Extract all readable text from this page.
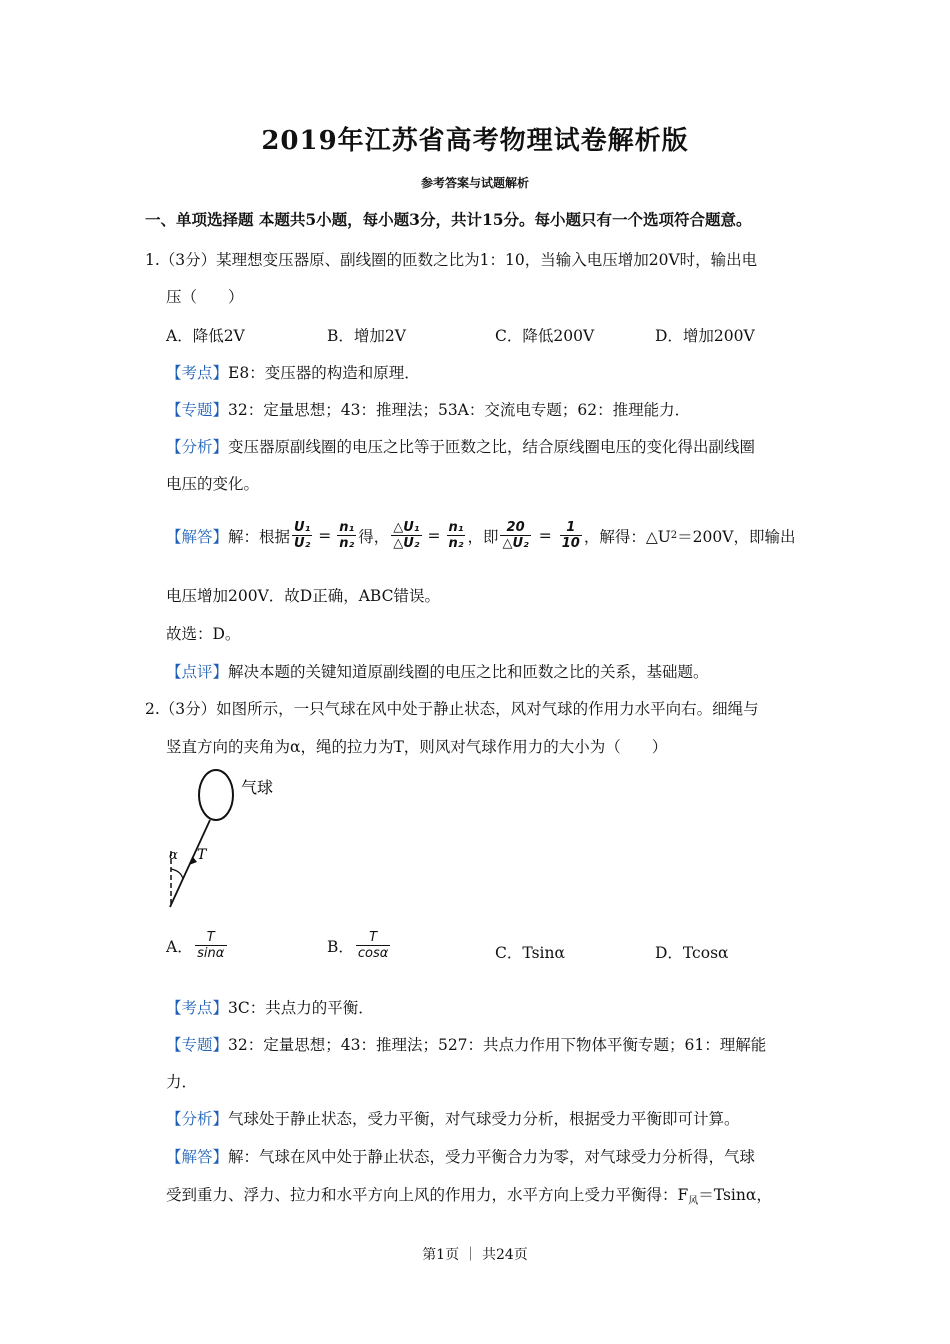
2019年江苏省高考物理试卷解析版
参考答案与试题解析
一、单项选择题 本题共5小题，每小题3分，共计15分。每小题只有一个选项符合题意。
1.（3分）某理想变压器原、副线圈的匝数之比为1：10，当输入电压增加20V时，输出电
压（　　）
A．降低2V	B．增加2V	C．降低200V	D．增加200V
【考点】E8：变压器的构造和原理．
【专题】32：定量思想；43：推理法；53A：交流电专题；62：推理能力．
【分析】变压器原副线圈的电压之比等于匝数之比，结合原线圈电压的变化得出副线圈
电压的变化。
【解答】 解：根据 $\frac{\text{U₁}}{\text{U₂}} = \frac{\text{n₁}}{\text{n₂}}$ 得， $\frac{\text{△U₁}}{\text{△U₂}} = \frac{\text{n₁}}{\text{n₂}}$ ，即 $\frac{20}{\text{△U₂}} = \frac{1}{10}$ ，解得：△U 2 ＝200V，即输出
电压增加200V．故D正确，ABC错误。
故选：D。
【点评】解决本题的关键知道原副线圈的电压之比和匝数之比的关系，基础题。
2.（3分）如图所示，一只气球在风中处于静止状态，风对气球的作用力水平向右。细绳与
竖直方向的夹角为α，绳的拉力为T，则风对气球作用力的大小为（　　）
气球
α T
A． $\frac{T}{\sin\alpha}$	B． $\frac{T}{\cos\alpha}$	C．Tsinα	D．Tcosα
【考点】3C：共点力的平衡．
【专题】32：定量思想；43：推理法；527：共点力作用下物体平衡专题；61：理解能
力．
【分析】气球处于静止状态，受力平衡，对气球受力分析，根据受力平衡即可计算。
【解答】解：气球在风中处于静止状态，受力平衡合力为零，对气球受力分析得，气球
受到重力、浮力、拉力和水平方向上风的作用力，水平方向上受力平衡得：$F_风=Tsin\alpha$，
第1页 ｜ 共24页
